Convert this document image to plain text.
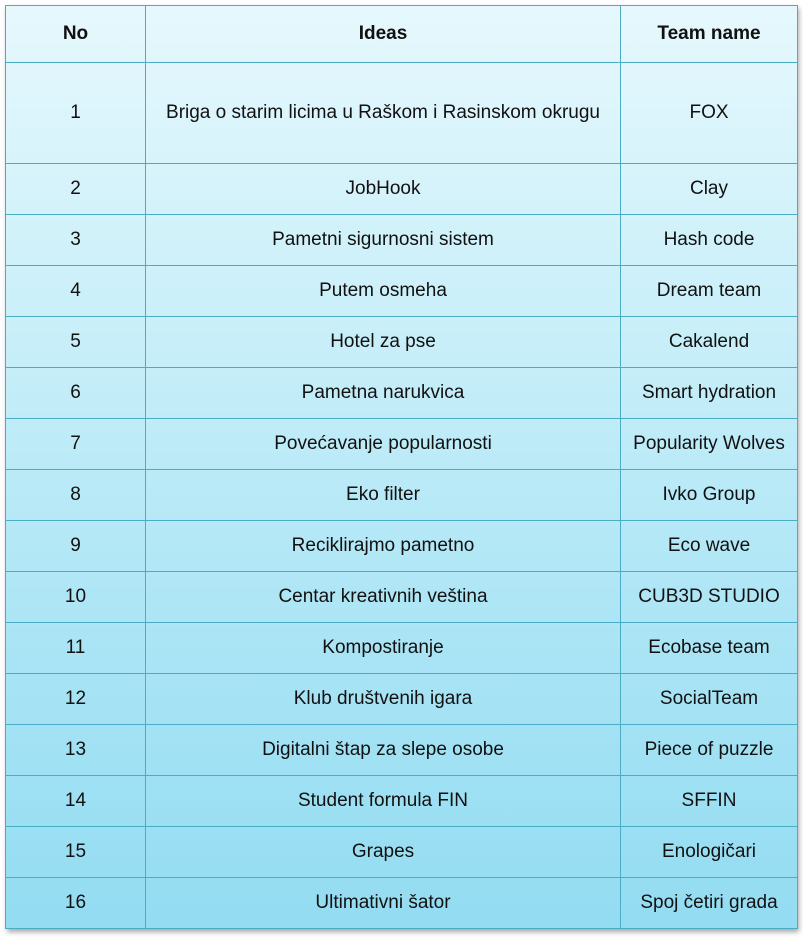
No	Ideas	Team name
1	Briga o starim licima u Raškom i Rasinskom okrugu	FOX
2	JobHook	Clay
3	Pametni sigurnosni sistem	Hash code
4	Putem osmeha	Dream team
5	Hotel za pse	Cakalend
6	Pametna narukvica	Smart hydration
7	Povećavanje popularnosti	Popularity Wolves
8	Eko filter	Ivko Group
9	Reciklirajmo pametno	Eco wave
10	Centar kreativnih veština	CUB3D STUDIO
11	Kompostiranje	Ecobase team
12	Klub društvenih igara	SocialTeam
13	Digitalni štap za slepe osobe	Piece of puzzle
14	Student formula FIN	SFFIN
15	Grapes	Enologičari
16	Ultimativni šator	Spoj četiri grada
